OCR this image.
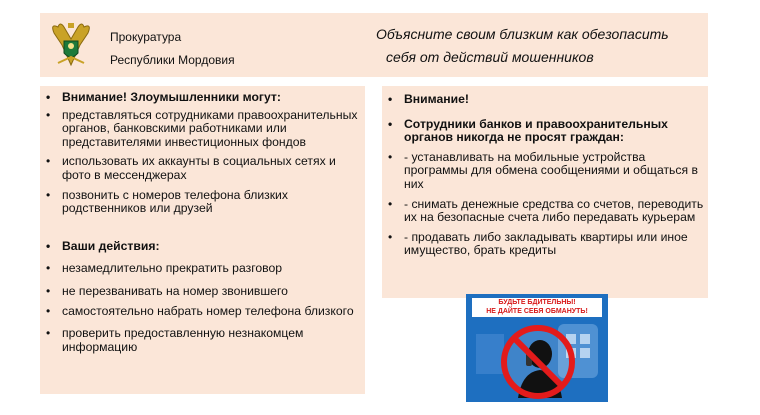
Прокуратура
Республики Мордовия
Объясните своим близким как обезопасить
себя от действий мошенников
• Внимание! Злоумышленники могут:
• представляться сотрудниками правоохранительных органов, банковскими работниками или представителями инвестиционных фондов
• использовать их аккаунты в социальных сетях и фото в мессенджерах
• позвонить с номеров телефона близких родственников или друзей
• Ваши действия:
• незамедлительно прекратить разговор
• не перезванивать на номер звонившего
• самостоятельно набрать номер телефона близкого
• проверить предоставленную незнакомцем информацию
• Внимание!
• Сотрудники банков и правоохранительных органов никогда не просят граждан:
• - устанавливать на мобильные устройства программы для обмена сообщениями и общаться в них
• - снимать денежные средства со счетов, переводить их на безопасные счета либо передавать курьерам
• - продавать либо закладывать квартиры или иное имущество, брать кредиты
БУДЬТЕ БДИТЕЛЬНЫ!
НЕ ДАЙТЕ СЕБЯ ОБМАНУТЬ!
